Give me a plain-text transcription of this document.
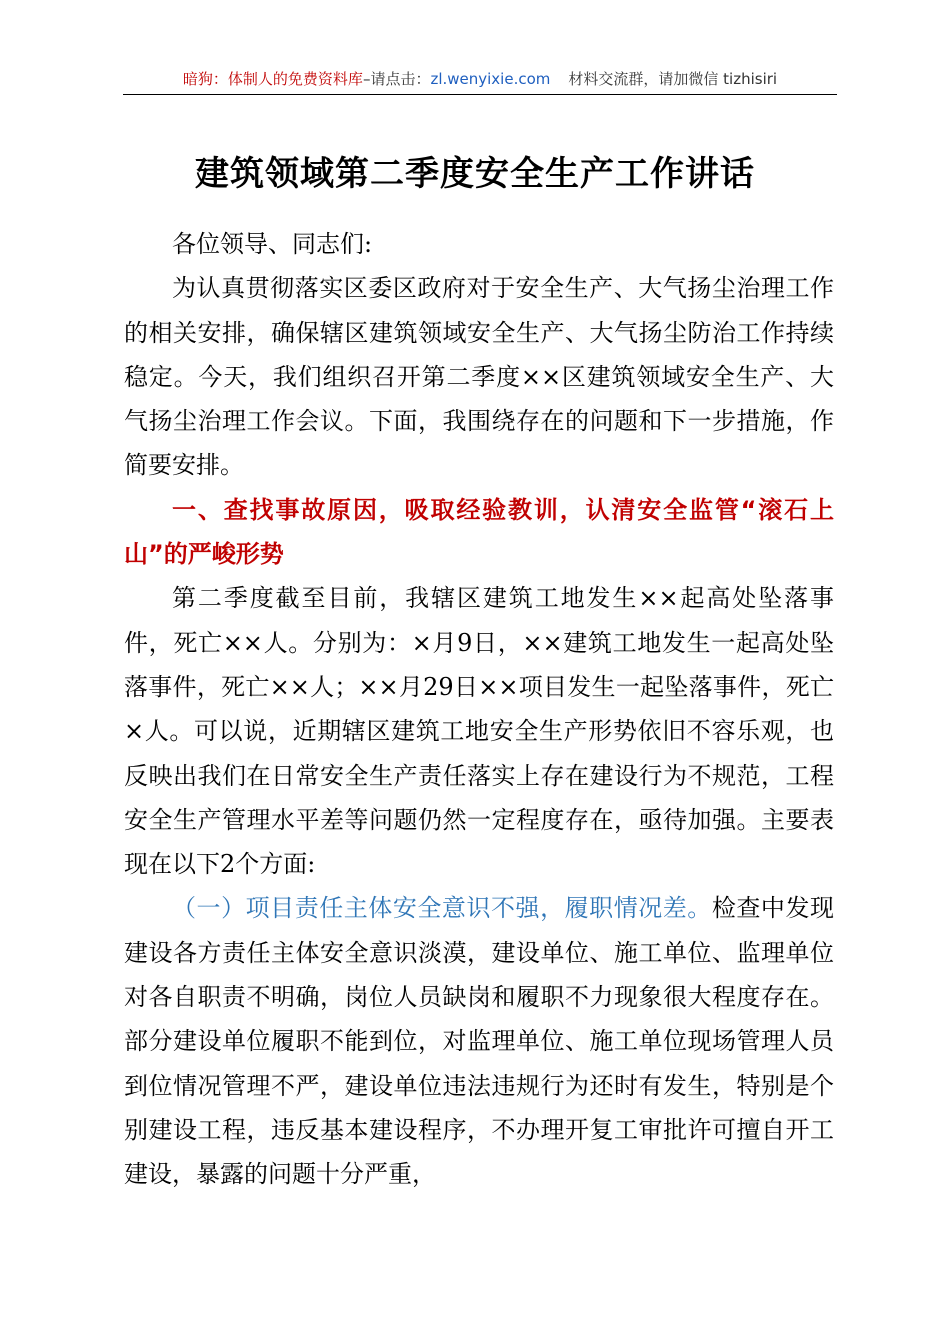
暗狗：体制人的免费资料库–请点击：zl.wenyixie.com 材料交流群，请加微信 tizhisiri
建筑领域第二季度安全生产工作讲话

各位领导、同志们:

为认真贯彻落实区委区政府对于安全生产、大气扬尘治理工作的相关安排，确保辖区建筑领域安全生产、大气扬尘防治工作持续稳定。今天，我们组织召开第二季度××区建筑领域安全生产、大气扬尘治理工作会议。下面，我围绕存在的问题和下一步措施，作简要安排。

一、查找事故原因，吸取经验教训，认清安全监管“滚石上山”的严峻形势

第二季度截至目前，我辖区建筑工地发生××起高处坠落事件，死亡××人。分别为：×月9日，××建筑工地发生一起高处坠落事件，死亡××人；××月29日××项目发生一起坠落事件，死亡×人。可以说，近期辖区建筑工地安全生产形势依旧不容乐观，也反映出我们在日常安全生产责任落实上存在建设行为不规范，工程安全生产管理水平差等问题仍然一定程度存在，亟待加强。主要表现在以下2个方面:

（一）项目责任主体安全意识不强，履职情况差。检查中发现建设各方责任主体安全意识淡漠，建设单位、施工单位、监理单位对各自职责不明确，岗位人员缺岗和履职不力现象很大程度存在。部分建设单位履职不能到位，对监理单位、施工单位现场管理人员到位情况管理不严，建设单位违法违规行为还时有发生，特别是个别建设工程，违反基本建设程序，不办理开复工审批许可擅自开工建设，暴露的问题十分严重，
